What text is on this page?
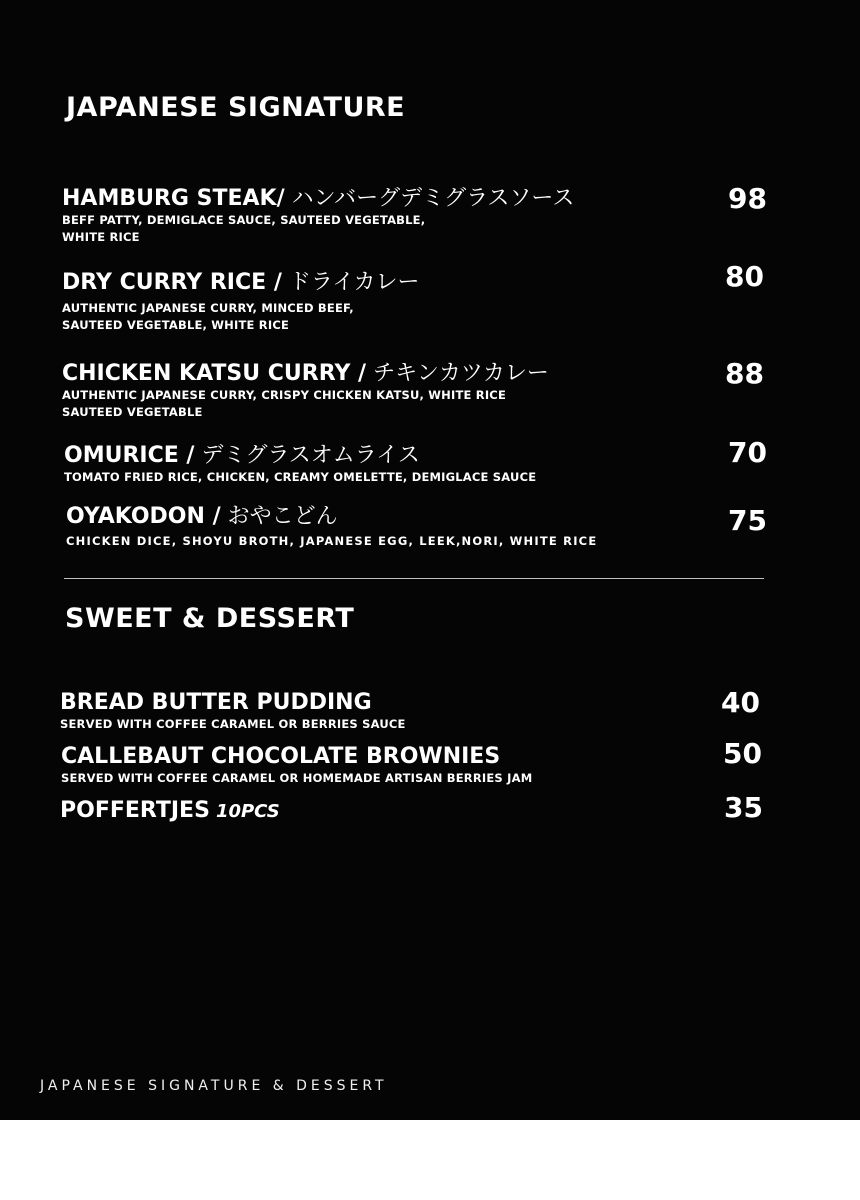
JAPANESE SIGNATURE
HAMBURG STEAK/ ハンバーグデミグラスソース
BEFF PATTY, DEMIGLACE SAUCE, SAUTEED VEGETABLE,
WHITE RICE
98
DRY CURRY RICE / ドライカレー
AUTHENTIC JAPANESE CURRY, MINCED BEEF,
SAUTEED VEGETABLE, WHITE RICE
80
CHICKEN KATSU CURRY / チキンカツカレー
AUTHENTIC JAPANESE CURRY, CRISPY CHICKEN KATSU, WHITE RICE
SAUTEED VEGETABLE
88
OMURICE / デミグラスオムライス
TOMATO FRIED RICE, CHICKEN, CREAMY OMELETTE, DEMIGLACE SAUCE
70
OYAKODON / おやこどん
CHICKEN DICE, SHOYU BROTH, JAPANESE EGG, LEEK,NORI, WHITE RICE
75
SWEET & DESSERT
BREAD BUTTER PUDDING
SERVED WITH COFFEE CARAMEL OR BERRIES SAUCE
40
CALLEBAUT CHOCOLATE BROWNIES
SERVED WITH COFFEE CARAMEL OR HOMEMADE ARTISAN BERRIES JAM
50
POFFERTJES 10PCS	35
JAPANESE SIGNATURE & DESSERT
